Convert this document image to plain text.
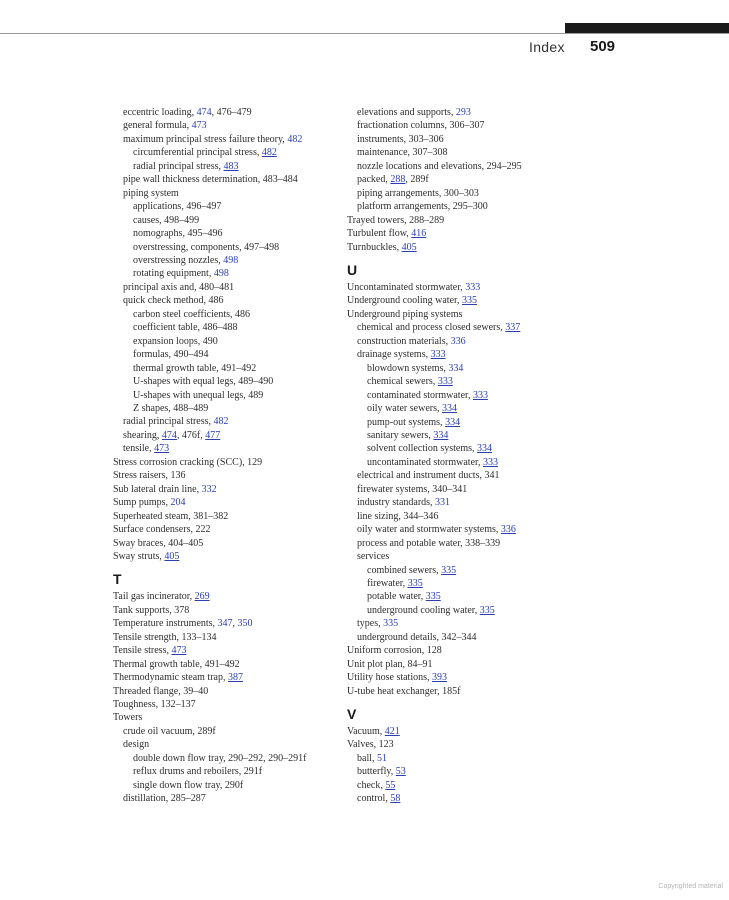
Index 509
eccentric loading, 474, 476–479
general formula, 473
maximum principal stress failure theory, 482
circumferential principal stress, 482
radial principal stress, 483
pipe wall thickness determination, 483–484
piping system
applications, 496–497
causes, 498–499
nomographs, 495–496
overstressing, components, 497–498
overstressing nozzles, 498
rotating equipment, 498
principal axis and, 480–481
quick check method, 486
carbon steel coefficients, 486
coefficient table, 486–488
expansion loops, 490
formulas, 490–494
thermal growth table, 491–492
U-shapes with equal legs, 489–490
U-shapes with unequal legs, 489
Z shapes, 488–489
radial principal stress, 482
shearing, 474, 476f, 477
tensile, 473
Stress corrosion cracking (SCC), 129
Stress raisers, 136
Sub lateral drain line, 332
Sump pumps, 204
Superheated steam, 381–382
Surface condensers, 222
Sway braces, 404–405
Sway struts, 405
T
Tail gas incinerator, 269
Tank supports, 378
Temperature instruments, 347, 350
Tensile strength, 133–134
Tensile stress, 473
Thermal growth table, 491–492
Thermodynamic steam trap, 387
Threaded flange, 39–40
Toughness, 132–137
Towers
crude oil vacuum, 289f
design
double down flow tray, 290–292, 290–291f
reflux drums and reboilers, 291f
single down flow tray, 290f
distillation, 285–287
elevations and supports, 293
fractionation columns, 306–307
instruments, 303–306
maintenance, 307–308
nozzle locations and elevations, 294–295
packed, 288, 289f
piping arrangements, 300–303
platform arrangements, 295–300
Trayed towers, 288–289
Turbulent flow, 416
Turnbuckles, 405
U
Uncontaminated stormwater, 333
Underground cooling water, 335
Underground piping systems
chemical and process closed sewers, 337
construction materials, 336
drainage systems, 333
blowdown systems, 334
chemical sewers, 333
contaminated stormwater, 333
oily water sewers, 334
pump-out systems, 334
sanitary sewers, 334
solvent collection systems, 334
uncontaminated stormwater, 333
electrical and instrument ducts, 341
firewater systems, 340–341
industry standards, 331
line sizing, 344–346
oily water and stormwater systems, 336
process and potable water, 338–339
services
combined sewers, 335
firewater, 335
potable water, 335
underground cooling water, 335
types, 335
underground details, 342–344
Uniform corrosion, 128
Unit plot plan, 84–91
Utility hose stations, 393
U-tube heat exchanger, 185f
V
Vacuum, 421
Valves, 123
ball, 51
butterfly, 53
check, 55
control, 58
Copyrighted material
